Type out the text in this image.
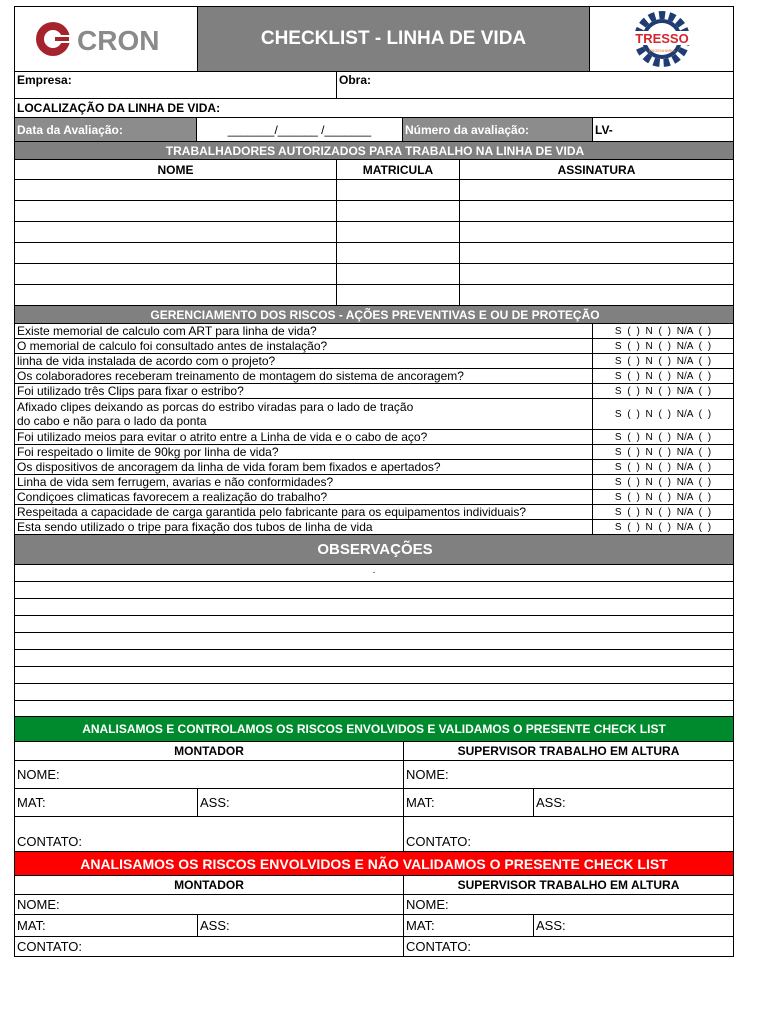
CRON	CHECKLIST - LINHA DE VIDA	TRESSO
ENGENHARIA
Empresa:	Obra:
LOCALIZAÇÃO DA LINHA DE VIDA:
Data da Avaliação:	_______/______ /_______	Número da avaliação:	LV-
TRABALHADORES AUTORIZADOS PARA TRABALHO NA LINHA DE VIDA
NOME	MATRICULA	ASSINATURA
GERENCIAMENTO DOS RISCOS - AÇÕES PREVENTIVAS E OU DE PROTEÇÃO
Existe memorial de calculo com ART para linha de vida?	S ( ) N ( ) N/A ( )
O memorial de calculo foi consultado antes de instalação?	S ( ) N ( ) N/A ( )
linha de vida instalada de acordo com o projeto?	S ( ) N ( ) N/A ( )
Os colaboradores receberam treinamento de montagem do sistema de ancoragem?	S ( ) N ( ) N/A ( )
Foi utilizado três Clips para fixar o estribo?	S ( ) N ( ) N/A ( )
Afixado clipes deixando as porcas do estribo viradas para o lado de tração
do cabo e não para o lado da ponta	S ( ) N ( ) N/A ( )
Foi utilizado meios para evitar o atrito entre a Linha de vida e o cabo de aço?	S ( ) N ( ) N/A ( )
Foi respeitado o limite de 90kg por linha de vida?	S ( ) N ( ) N/A ( )
Os dispositivos de ancoragem da linha de vida foram bem fixados e apertados?	S ( ) N ( ) N/A ( )
Linha de vida sem ferrugem, avarias e não conformidades?	S ( ) N ( ) N/A ( )
Condiçoes climaticas favorecem a realização do trabalho?	S ( ) N ( ) N/A ( )
Respeitada a capacidade de carga garantida pelo fabricante para os equipamentos individuais?	S ( ) N ( ) N/A ( )
Esta sendo utilizado o tripe para fixação dos tubos de linha de vida	S ( ) N ( ) N/A ( )
OBSERVAÇÕES
.
ANALISAMOS E CONTROLAMOS OS RISCOS ENVOLVIDOS E VALIDAMOS O PRESENTE CHECK LIST
MONTADOR	SUPERVISOR TRABALHO EM ALTURA
NOME:	NOME:
MAT:	ASS:	MAT:	ASS:
CONTATO:	CONTATO:
ANALISAMOS OS RISCOS ENVOLVIDOS E NÃO VALIDAMOS O PRESENTE CHECK LIST
MONTADOR	SUPERVISOR TRABALHO EM ALTURA
NOME:	NOME:
MAT:	ASS:	MAT:	ASS:
CONTATO:	CONTATO:
